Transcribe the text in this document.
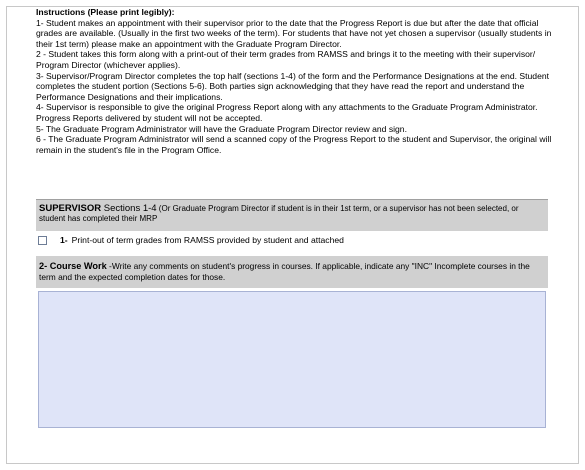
Instructions (Please print legibly):
1- Student makes an appointment with their supervisor prior to the date that the Progress Report is due but after the date that official
grades are available. (Usually in the first two weeks of the term). For students that have not yet chosen a supervisor (usually students in
their 1st term) please make an appointment with the Graduate Program Director.
2 - Student takes this form along with a print-out of their term grades from RAMSS and brings it to the meeting with their supervisor/
Program Director (whichever applies).
3- Supervisor/Program Director completes the top half (sections 1-4) of the form and the Performance Designations at the end. Student
completes the student portion (Sections 5-6). Both parties sign acknowledging that they have read the report and understand the
Performance Designations and their implications.
4- Supervisor is responsible to give the original Progress Report along with any attachments to the Graduate Program Administrator.
Progress Reports delivered by student will not be accepted.
5- The Graduate Program Administrator will have the Graduate Program Director review and sign.
6 - The Graduate Program Administrator will send a scanned copy of the Progress Report to the student and Supervisor, the original will
remain in the student's file in the Program Office.
SUPERVISOR Sections 1-4 (Or Graduate Program Director if student is in their 1st term, or a supervisor has not been selected, or student has completed their MRP
1- Print-out of term grades from RAMSS provided by student and attached
2- Course Work -Write any comments on student's progress in courses. If applicable, indicate any "INC" Incomplete courses in the term and the expected completion dates for those.
